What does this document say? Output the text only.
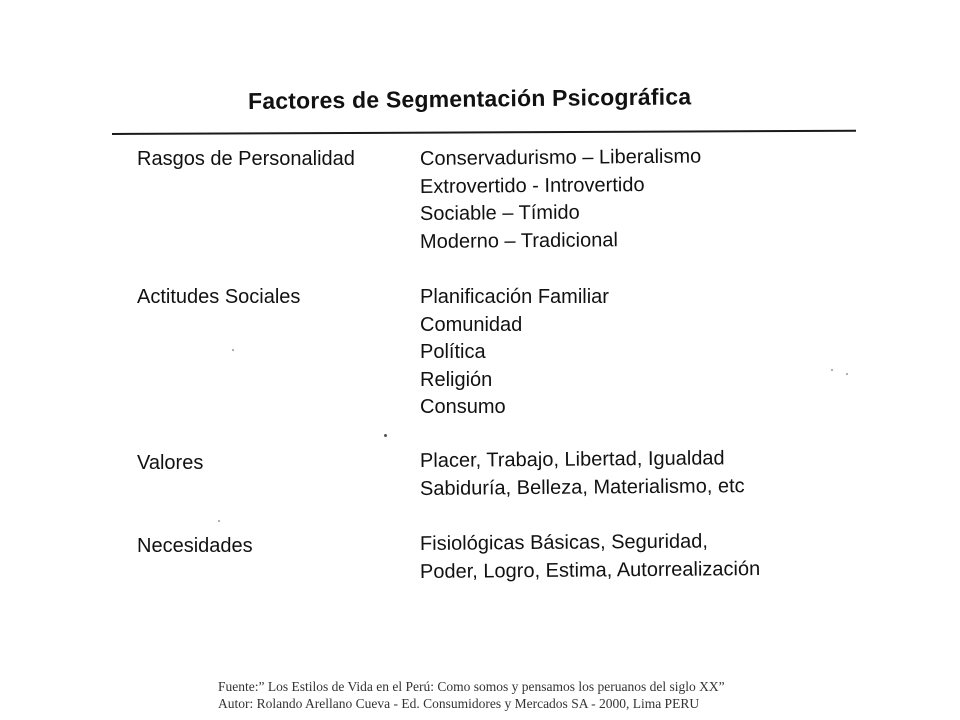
Factores de Segmentación Psicográfica
Rasgos de Personalidad	Conservadurismo – Liberalismo
Extrovertido - Introvertido
Sociable – Tímido
Moderno – Tradicional
Actitudes Sociales	Planificación Familiar
Comunidad
Política
Religión
Consumo
Valores	Placer, Trabajo, Libertad, Igualdad
Sabiduría, Belleza, Materialismo, etc
Necesidades	Fisiológicas Básicas, Seguridad,
Poder, Logro, Estima, Autorrealización
Fuente:” Los Estilos de Vida en el Perú: Como somos y pensamos los peruanos del siglo XX”
Autor: Rolando Arellano Cueva - Ed. Consumidores y Mercados SA - 2000, Lima PERU
